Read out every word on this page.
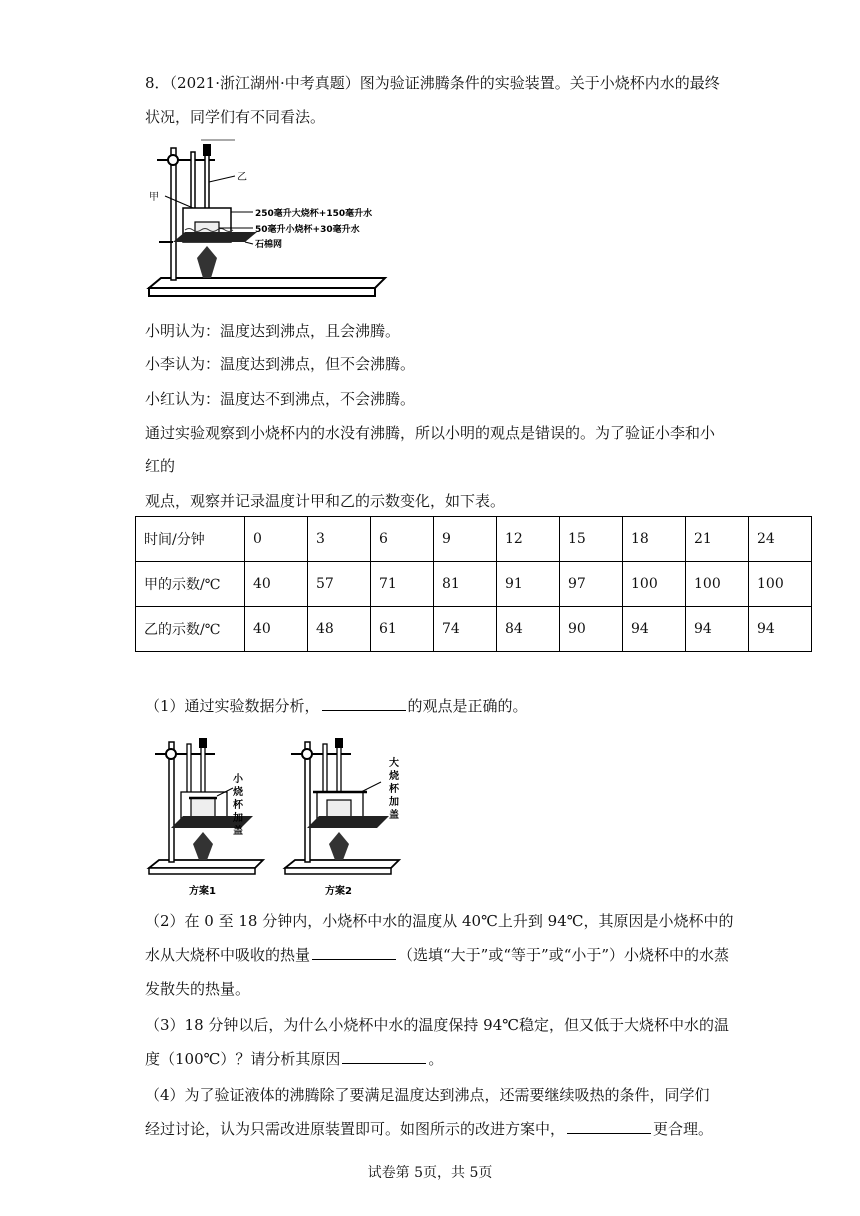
8．（2021·浙江湖州·中考真题）图为验证沸腾条件的实验装置。关于小烧杯内水的最终
状况，同学们有不同看法。
甲
乙
250毫升大烧杯+150毫升水
50毫升小烧杯+30毫升水
石棉网
小明认为：温度达到沸点，且会沸腾。
小李认为：温度达到沸点，但不会沸腾。
小红认为：温度达不到沸点，不会沸腾。
通过实验观察到小烧杯内的水没有沸腾，所以小明的观点是错误的。为了验证小李和小
红的
观点，观察并记录温度计甲和乙的示数变化，如下表。
时间/分钟	0	3	6	9	12	15	18	21	24
甲的示数/℃	40	57	71	81	91	97	100	100	100
乙的示数/℃	40	48	61	74	84	90	94	94	94
（1）通过实验数据分析，	的观点是正确的。
小烧杯加盖
方案1
大烧杯加盖
方案2
（2）在 0 至 18 分钟内，小烧杯中水的温度从 40℃上升到 94℃，其原因是小烧杯中的
水从大烧杯中吸收的热量	（选填“大于”或“等于”或“小于”）小烧杯中的水蒸
发散失的热量。
（3）18 分钟以后，为什么小烧杯中水的温度保持 94℃稳定，但又低于大烧杯中水的温
度（100℃）？请分析其原因	。
（4）为了验证液体的沸腾除了要满足温度达到沸点，还需要继续吸热的条件，同学们
经过讨论，认为只需改进原装置即可。如图所示的改进方案中，	更合理。
试卷第 5页，共 5页
